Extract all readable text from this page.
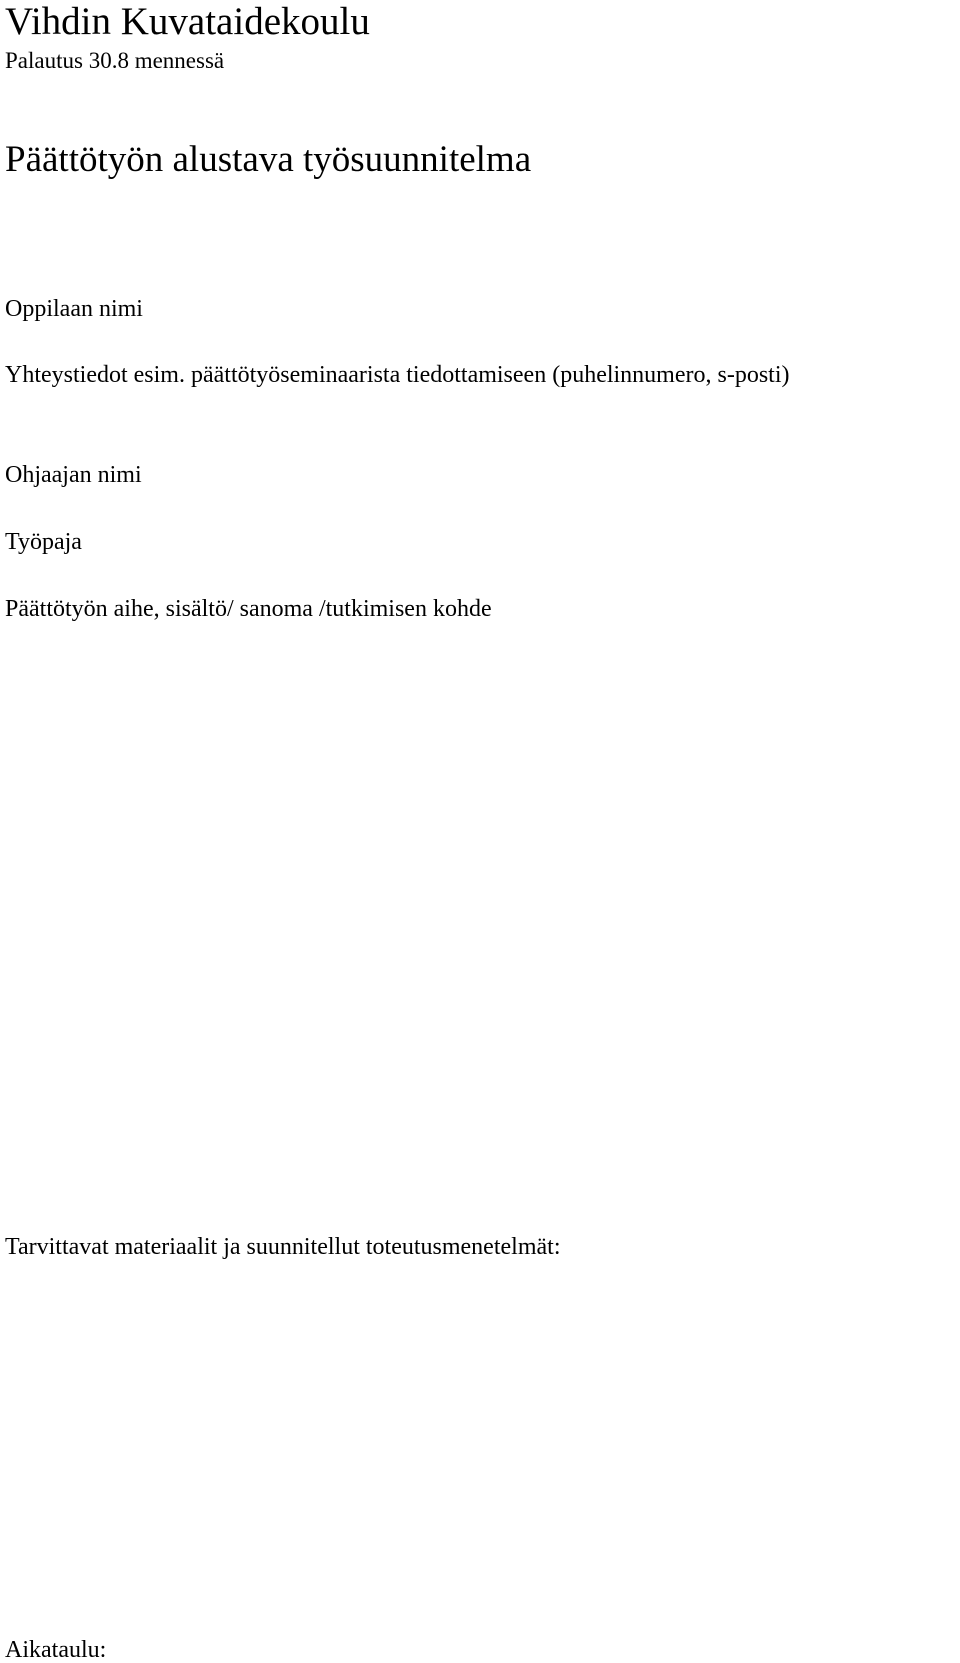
Vihdin Kuvataidekoulu
Palautus 30.8 mennessä
Päättötyön alustava työsuunnitelma
Oppilaan nimi
Yhteystiedot esim. päättötyöseminaarista tiedottamiseen (puhelinnumero, s-posti)
Ohjaajan nimi
Työpaja
Päättötyön aihe, sisältö/ sanoma /tutkimisen kohde
Tarvittavat materiaalit ja suunnitellut toteutusmenetelmät:
Aikataulu:
